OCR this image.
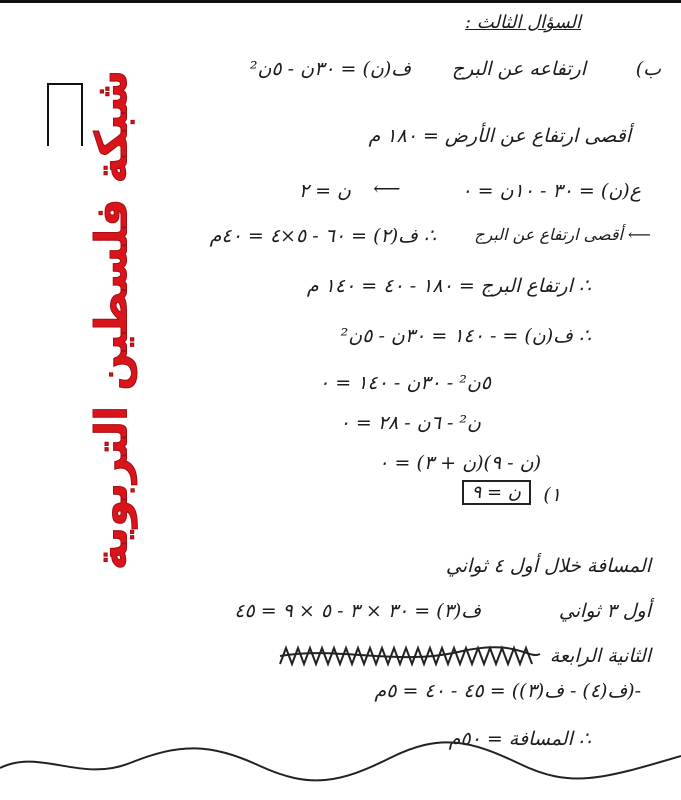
السؤال الثالث :
ب)
ارتفاعه عن البرج
ف(ن) = ٣٠ن - ٥ن²
أقصى ارتفاع عن الأرض = ١٨٠ م
ع(ن) = ٣٠ - ١٠ن = ٠
⟵
ن = ٢
∴ ف(٢) = ٦٠ - ٥×٤ = ٤٠م ⟵ أقصى ارتفاع عن البرج
∴ ارتفاع البرج = ١٨٠ - ٤٠ = ١٤٠ م
∴ ف(ن) = - ١٤٠ = ٣٠ن - ٥ن²
٥ن² - ٣٠ن - ١٤٠ = ٠
ن² - ٦ن - ٢٨ = ٠
(ن - ٩)(ن + ٣) = ٠
١)
ن = ٩
المسافة خلال أول ٤ ثواني
ف(٣) = ٣٠ × ٣ - ٥ × ٩ = ٤٥	أول ٣ ثواني
الثانية الرابعة
-(ف(٤) - ف(٣)) = ٤٥ - ٤٠ = ٥م
∴ المسافة = ٥٠م
شبكة فلسطين التربوية
